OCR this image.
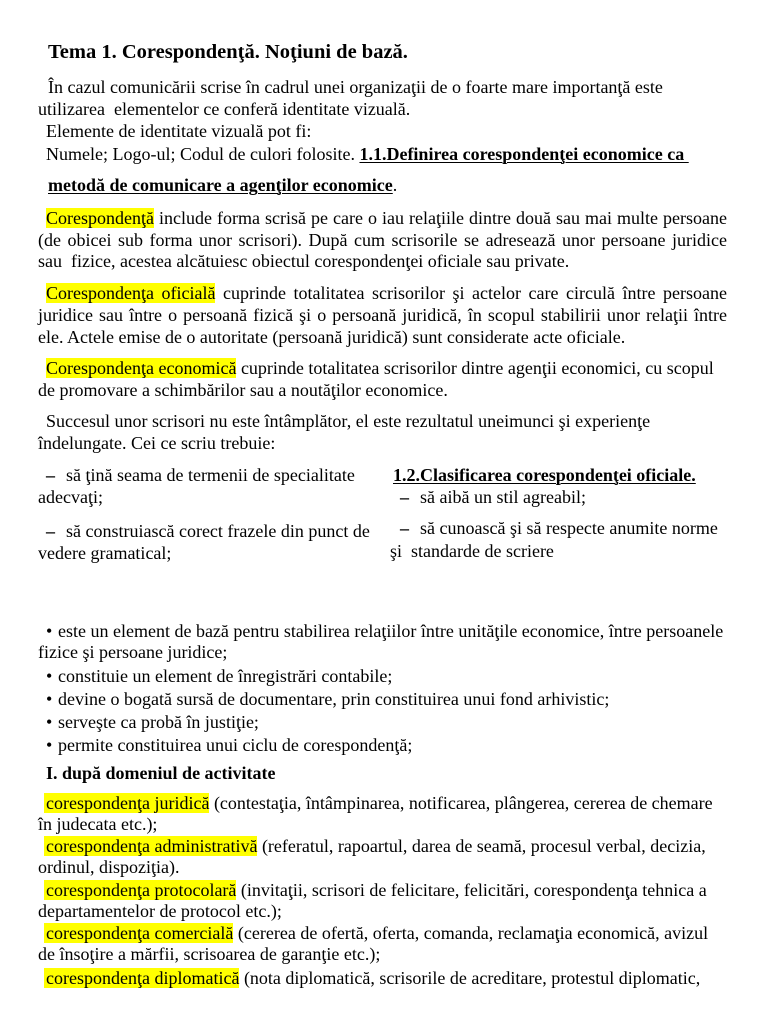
Tema 1. Corespondenţă. Noţiuni de bază.
În cazul comunicării scrise în cadrul unei organizaţii de o foarte mare importanţă este
utilizarea  elementelor ce conferă identitate vizuală.
Elemente de identitate vizuală pot fi:
Numele; Logo-ul; Codul de culori folosite. 1.1.Definirea corespondenţei economice ca
metodă de comunicare a agenţilor economice.
Corespondenţă include forma scrisă pe care o iau relaţiile dintre două sau mai multe persoane
(de obicei sub forma unor scrisori). După cum scrisorile se adresează unor persoane juridice
sau  fizice, acestea alcătuiesc obiectul corespondenţei oficiale sau private.
Corespondenţa oficială cuprinde totalitatea scrisorilor şi actelor care circulă între persoane
juridice sau între o persoană fizică şi o persoană juridică, în scopul stabilirii unor relaţii între
ele. Actele emise de o autoritate (persoană juridică) sunt considerate acte oficiale.
Corespondenţa economică cuprinde totalitatea scrisorilor dintre agenţii economici, cu scopul
de promovare a schimbărilor sau a noutăţilor economice.
Succesul unor scrisori nu este întâmplător, el este rezultatul uneimunci şi experienţe
îndelungate. Cei ce scriu trebuie:
– să ţină seama de termenii de specialitate
adecvaţi;
– să construiască corect frazele din punct de
vedere gramatical;
– să aibă un stil agreabil;
– să cunoască şi să respecte anumite norme
şi  standarde de scriere
1.2.Clasificarea corespondenţei oficiale.
• este un element de bază pentru stabilirea relaţiilor între unităţile economice, între persoanele
fizice şi persoane juridice;
• constituie un element de înregistrări contabile;
• devine o bogată sursă de documentare, prin constituirea unui fond arhivistic;
• serveşte ca probă în justiţie;
• permite constituirea unui ciclu de corespondenţă;
I. după domeniul de activitate
corespondenţa juridică (contestaţia, întâmpinarea, notificarea, plângerea, cererea de chemare
în judecata etc.);
corespondenţa administrativă (referatul, rapoartul, darea de seamă, procesul verbal, decizia,
ordinul, dispoziţia).
corespondenţa protocolară (invitaţii, scrisori de felicitare, felicitări, corespondenţa tehnica a
departamentelor de protocol etc.);
corespondenţa comercială (cererea de ofertă, oferta, comanda, reclamaţia economică, avizul
de însoţire a mărfii, scrisoarea de garanţie etc.);
corespondenţa diplomatică (nota diplomatică, scrisorile de acreditare, protestul diplomatic,
